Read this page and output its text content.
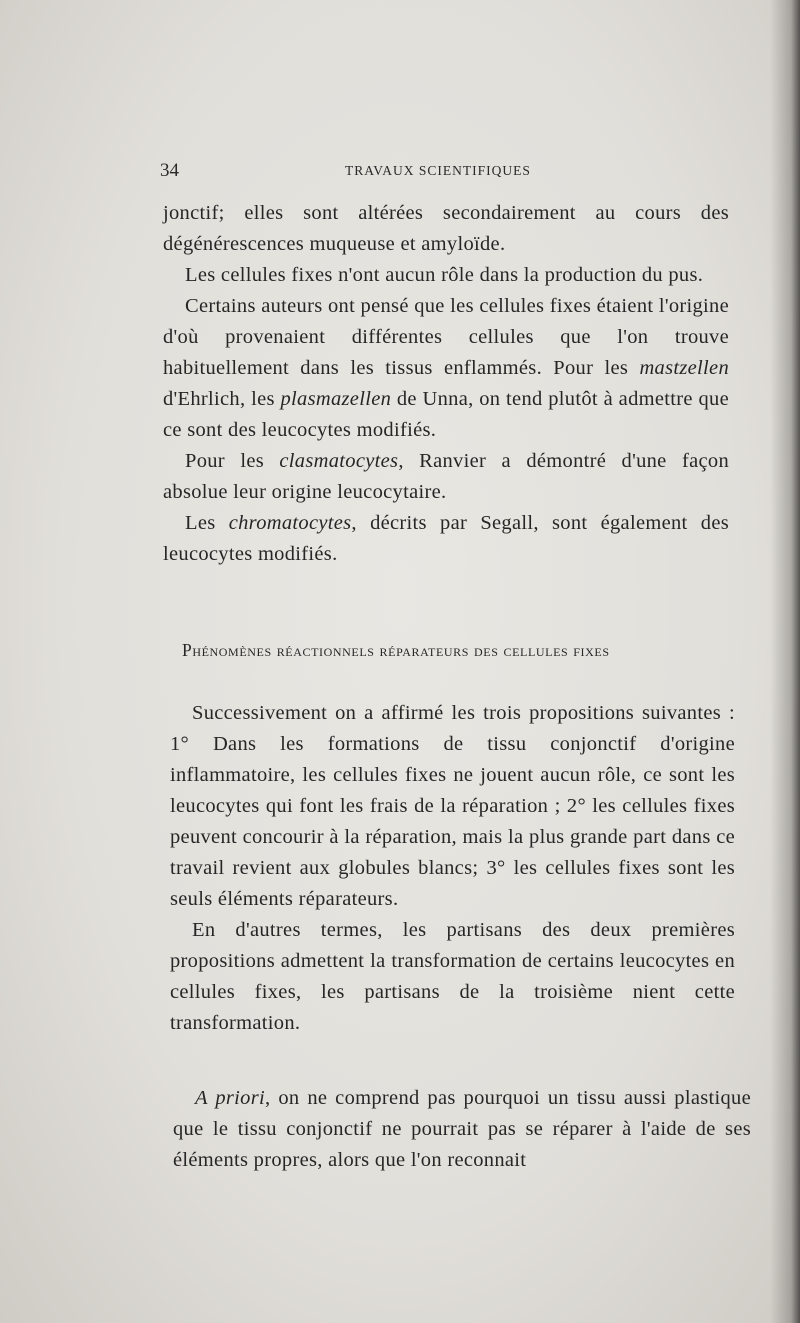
34	TRAVAUX SCIENTIFIQUES

jonctif; elles sont altérées secondairement au cours des dégénérescences muqueuse et amyloïde.

Les cellules fixes n'ont aucun rôle dans la production du pus.

Certains auteurs ont pensé que les cellules fixes étaient l'origine d'où provenaient différentes cellules que l'on trouve habituellement dans les tissus enflammés. Pour les mastzellen d'Ehrlich, les plasmazellen de Unna, on tend plutôt à admettre que ce sont des leucocytes modifiés.

Pour les clasmatocytes, Ranvier a démontré d'une façon absolue leur origine leucocytaire.

Les chromatocytes, décrits par Segall, sont également des leucocytes modifiés.

Phénomènes réactionnels réparateurs des cellules fixes

Successivement on a affirmé les trois propositions suivantes : 1° Dans les formations de tissu conjonctif d'origine inflammatoire, les cellules fixes ne jouent aucun rôle, ce sont les leucocytes qui font les frais de la réparation ; 2° les cellules fixes peuvent concourir à la réparation, mais la plus grande part dans ce travail revient aux globules blancs; 3° les cellules fixes sont les seuls éléments réparateurs.

En d'autres termes, les partisans des deux premières propositions admettent la transformation de certains leucocytes en cellules fixes, les partisans de la troisième nient cette transformation.

A priori, on ne comprend pas pourquoi un tissu aussi plastique que le tissu conjonctif ne pourrait pas se réparer à l'aide de ses éléments propres, alors que l'on reconnait
